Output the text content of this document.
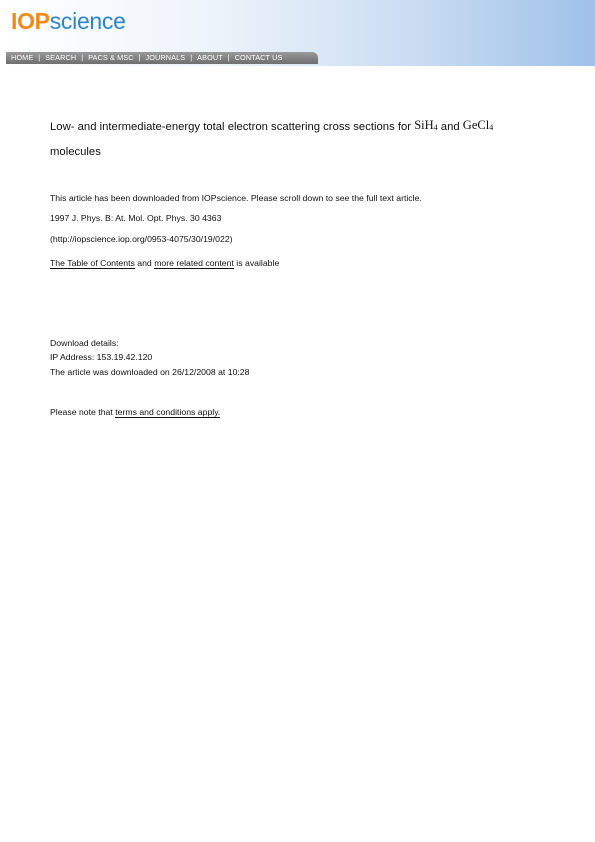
IOPscience
HOME | SEARCH | PACS & MSC | JOURNALS | ABOUT | CONTACT US
Low- and intermediate-energy total electron scattering cross sections for SiH$_4$ and GeCl$_4$
molecules
This article has been downloaded from IOPscience. Please scroll down to see the full text article.
1997 J. Phys. B: At. Mol. Opt. Phys. 30 4363
(http://iopscience.iop.org/0953-4075/30/19/022)
The Table of Contents and more related content is available
Download details:
IP Address: 153.19.42.120
The article was downloaded on 26/12/2008 at 10:28
Please note that terms and conditions apply.
